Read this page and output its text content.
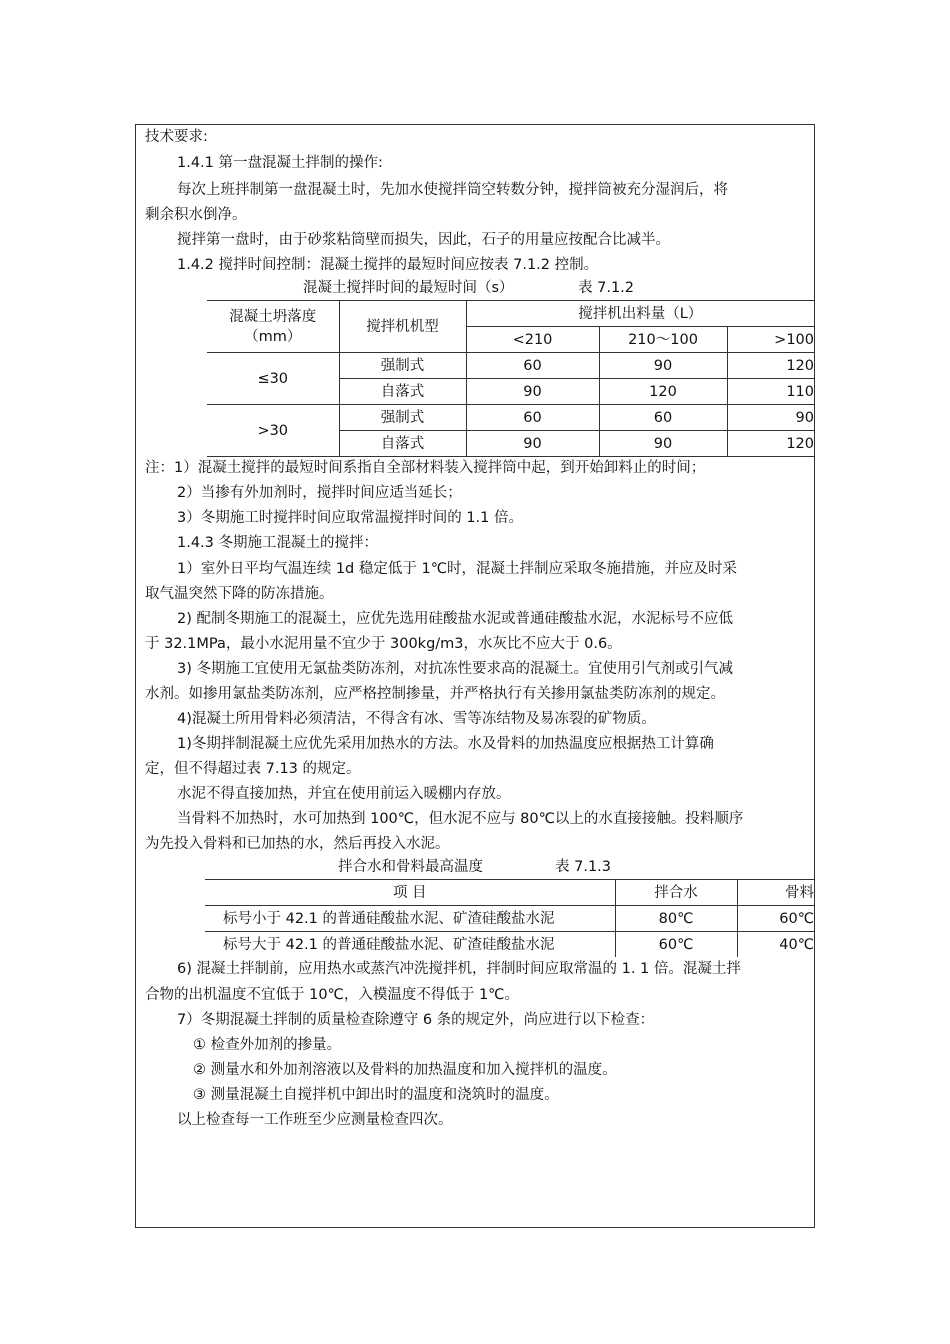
技术要求:
1.4.1 第一盘混凝土拌制的操作:
每次上班拌制第一盘混凝土时，先加水使搅拌筒空转数分钟，搅拌筒被充分湿润后，将
剩余积水倒净。
搅拌第一盘时，由于砂浆粘筒壁而损失，因此，石子的用量应按配合比减半。
1.4.2 搅拌时间控制：混凝土搅拌的最短时间应按表 7.1.2 控制。
混凝土搅拌时间的最短时间（s）	表 7.1.2
混凝土坍落度
（mm）	搅拌机机型	搅拌机出料量（L）		
		<210	210～100	>100
≤30	强制式	60	90	120
	自落式	90	120	110
>30	强制式	60	60	90
	自落式	90	90	120
注：1）混凝土搅拌的最短时间系指自全部材料装入搅拌筒中起，到开始卸料止的时间；
2）当掺有外加剂时，搅拌时间应适当延长；
3）冬期施工时搅拌时间应取常温搅拌时间的 1.1 倍。
1.4.3 冬期施工混凝土的搅拌：
1）室外日平均气温连续 1d 稳定低于 1℃时，混凝土拌制应采取冬施措施，并应及时采
取气温突然下降的防冻措施。
2) 配制冬期施工的混凝土，应优先选用硅酸盐水泥或普通硅酸盐水泥，水泥标号不应低
于 32.1MPa，最小水泥用量不宜少于 300kg/m3，水灰比不应大于 0.6。
3) 冬期施工宜使用无氯盐类防冻剂，对抗冻性要求高的混凝土。宜使用引气剂或引气减
水剂。如掺用氯盐类防冻剂，应严格控制掺量，并严格执行有关掺用氯盐类防冻剂的规定。
4)混凝土所用骨料必须清洁，不得含有冰、雪等冻结物及易冻裂的矿物质。
1)冬期拌制混凝土应优先采用加热水的方法。水及骨料的加热温度应根据热工计算确
定，但不得超过表 7.13 的规定。
水泥不得直接加热，并宜在使用前运入暖棚内存放。
当骨料不加热时，水可加热到 100℃，但水泥不应与 80℃以上的水直接接触。投料顺序
为先投入骨料和已加热的水，然后再投入水泥。
拌合水和骨料最高温度	表 7.1.3
项 目	拌合水	骨料
标号小于 42.1 的普通硅酸盐水泥、矿渣硅酸盐水泥	80℃	60℃
标号大于 42.1 的普通硅酸盐水泥、矿渣硅酸盐水泥	60℃	40℃
6) 混凝土拌制前，应用热水或蒸汽冲洗搅拌机，拌制时间应取常温的 1. 1 倍。混凝土拌
合物的出机温度不宜低于 10℃，入模温度不得低于 1℃。
7）冬期混凝土拌制的质量检查除遵守 6 条的规定外，尚应进行以下检查：
① 检查外加剂的掺量。
② 测量水和外加剂溶液以及骨料的加热温度和加入搅拌机的温度。
③ 测量混凝土自搅拌机中卸出时的温度和浇筑时的温度。
以上检查每一工作班至少应测量检查四次。
